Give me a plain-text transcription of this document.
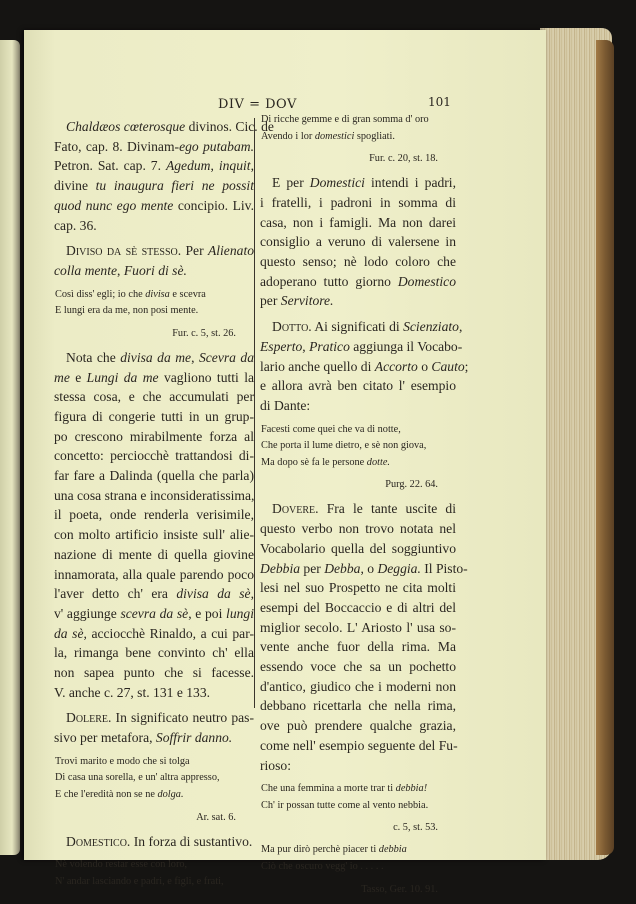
DIV = DOV	101
Chaldæos cœterosque divinos. Cic. de
Fato, cap. 8. Divinam-ego putabam.
Petron. Sat. cap. 7. Agedum, inquit,
divine tu inaugura fieri ne possit
quod nunc ego mente concipio. Liv.
cap. 36.
Diviso da sè stesso. Per Alienato
colla mente, Fuori di sè.
Così diss' egli; io che divisa e scevra
E lungi era da me, non posi mente.
Fur. c. 5, st. 26.
Nota che divisa da me, Scevra da
me e Lungi da me vagliono tutti la
stessa cosa, e che accumulati per
figura di congerie tutti in un grup-
po crescono mirabilmente forza al
concetto: perciocchè trattandosi di-
far fare a Dalinda (quella che parla)
una cosa strana e inconsideratissima,
il poeta, onde renderla verisimile,
con molto artificio insiste sull' alie-
nazione di mente di quella giovine
innamorata, alla quale parendo poco
l'aver detto ch' era divisa da sè,
v' aggiunge scevra da sè, e poi lungi
da sè, acciocchè Rinaldo, a cui par-
la, rimanga bene convinto ch' ella
non sapea punto che si facesse.
V. anche c. 27, st. 131 e 133.
Dolere. In significato neutro pas-
sivo per metafora, Soffrir danno.
Trovi marito e modo che si tolga
Di casa una sorella, e un' altra appresso,
E che l'eredità non se ne dolga.
Ar. sat. 6.
Domestico. In forza di sustantivo.
Nè volendo restar esse con loro,
N' andar lasciando e padri, e figli, e frati,
Di ricche gemme e di gran somma d' oro
Avendo i lor domestici spogliati.
Fur. c. 20, st. 18.
E per Domestici intendi i padri,
i fratelli, i padroni in somma di
casa, non i famigli. Ma non darei
consiglio a veruno di valersene in
questo senso; nè lodo coloro che
adoperano tutto giorno Domestico
per Servitore.
Dotto. Ai significati di Scienziato,
Esperto, Pratico aggiunga il Vocabo-
lario anche quello di Accorto o Cauto;
e allora avrà ben citato l' esempio
di Dante:
Facesti come quei che va di notte,
Che porta il lume dietro, e sè non giova,
Ma dopo sè fa le persone dotte.
Purg. 22. 64.
Dovere. Fra le tante uscite di
questo verbo non trovo notata nel
Vocabolario quella del soggiuntivo
Debbia per Debba, o Deggia. Il Pisto-
lesi nel suo Prospetto ne cita molti
esempi del Boccaccio e di altri del
miglior secolo. L' Ariosto l' usa so-
vente anche fuor della rima. Ma
essendo voce che sa un pochetto
d'antico, giudico che i moderni non
debbano ricettarla che nella rima,
ove può prendere qualche grazia,
come nell' esempio seguente del Fu-
rioso:
Che una femmina a morte trar ti debbia!
Ch' ir possan tutte come al vento nebbia.
c. 5, st. 53.
Ma pur dirò perchè piacer ti debbia
Ciò che oscuro vegg' io . . . . .
Tasso, Ger. 10. 91.
